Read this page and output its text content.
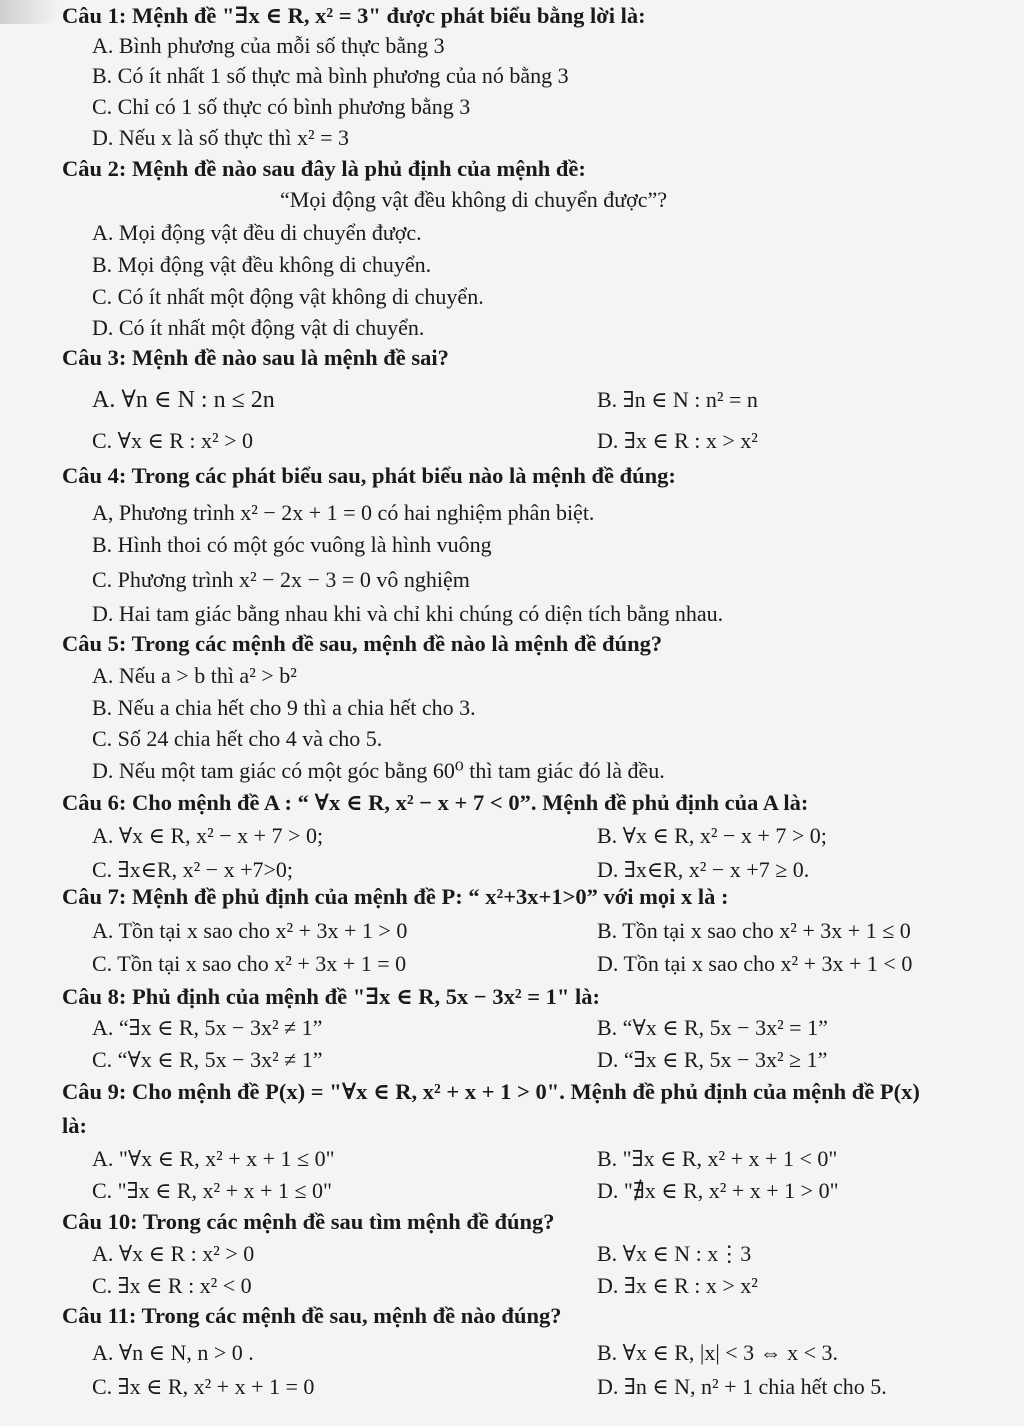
Câu 1: Mệnh đề "∃x ∈ R, x² = 3" được phát biểu bằng lời là:
A. Bình phương của mỗi số thực bằng 3
B. Có ít nhất 1 số thực mà bình phương của nó bằng 3
C. Chỉ có 1 số thực có bình phương bằng 3
D. Nếu x là số thực thì x² = 3
Câu 2: Mệnh đề nào sau đây là phủ định của mệnh đề:
“Mọi động vật đều không di chuyển được”?
A. Mọi động vật đều di chuyển được.
B. Mọi động vật đều không di chuyển.
C. Có ít nhất một động vật không di chuyển.
D. Có ít nhất một động vật di chuyển.
Câu 3: Mệnh đề nào sau là mệnh đề sai?
A. ∀n ∈ N : n ≤ 2n	B. ∃n ∈ N : n² = n
C. ∀x ∈ R : x² > 0	D. ∃x ∈ R : x > x²
Câu 4: Trong các phát biểu sau, phát biểu nào là mệnh đề đúng:
A, Phương trình x² − 2x + 1 = 0 có hai nghiệm phân biệt.
B. Hình thoi có một góc vuông là hình vuông
C. Phương trình x² − 2x − 3 = 0 vô nghiệm
D. Hai tam giác bằng nhau khi và chỉ khi chúng có diện tích bằng nhau.
Câu 5: Trong các mệnh đề sau, mệnh đề nào là mệnh đề đúng?
A. Nếu a > b thì a² > b²
B. Nếu a chia hết cho 9 thì a chia hết cho 3.
C. Số 24 chia hết cho 4 và cho 5.
D. Nếu một tam giác có một góc bằng 60⁰ thì tam giác đó là đều.
Câu 6: Cho mệnh đề A : “ ∀x ∈ R, x² − x + 7 < 0”. Mệnh đề phủ định của A là:
A. ∀x ∈ R, x² − x + 7 > 0;	B. ∀x ∈ R, x² − x + 7 > 0;
C. ∃x∈R, x² − x +7>0;	D. ∃x∈R, x² − x +7 ≥ 0.
Câu 7: Mệnh đề phủ định của mệnh đề P: “ x²+3x+1>0” với mọi x là :
A. Tồn tại x sao cho x² + 3x + 1 > 0	B. Tồn tại x sao cho x² + 3x + 1 ≤ 0
C. Tồn tại x sao cho x² + 3x + 1 = 0	D. Tồn tại x sao cho x² + 3x + 1 < 0
Câu 8: Phủ định của mệnh đề "∃x ∈ R, 5x − 3x² = 1" là:
A. “∃x ∈ R, 5x − 3x² ≠ 1”	B. “∀x ∈ R, 5x − 3x² = 1”
C. “∀x ∈ R, 5x − 3x² ≠ 1”	D. “∃x ∈ R, 5x − 3x² ≥ 1”
Câu 9: Cho mệnh đề P(x) = "∀x ∈ R, x² + x + 1 > 0". Mệnh đề phủ định của mệnh đề P(x)
là:
A. "∀x ∈ R, x² + x + 1 ≤ 0"	B. "∃x ∈ R, x² + x + 1 < 0"
C. "∃x ∈ R, x² + x + 1 ≤ 0"	D. "∄x ∈ R, x² + x + 1 > 0"
Câu 10: Trong các mệnh đề sau tìm mệnh đề đúng?
A. ∀x ∈ R : x² > 0	B. ∀x ∈ N : x⋮3
C. ∃x ∈ R : x² < 0	D. ∃x ∈ R : x > x²
Câu 11: Trong các mệnh đề sau, mệnh đề nào đúng?
A. ∀n ∈ N, n > 0 .	B. ∀x ∈ R, |x| < 3 ⇔ x < 3.
C. ∃x ∈ R, x² + x + 1 = 0	D. ∃n ∈ N, n² + 1 chia hết cho 5.
